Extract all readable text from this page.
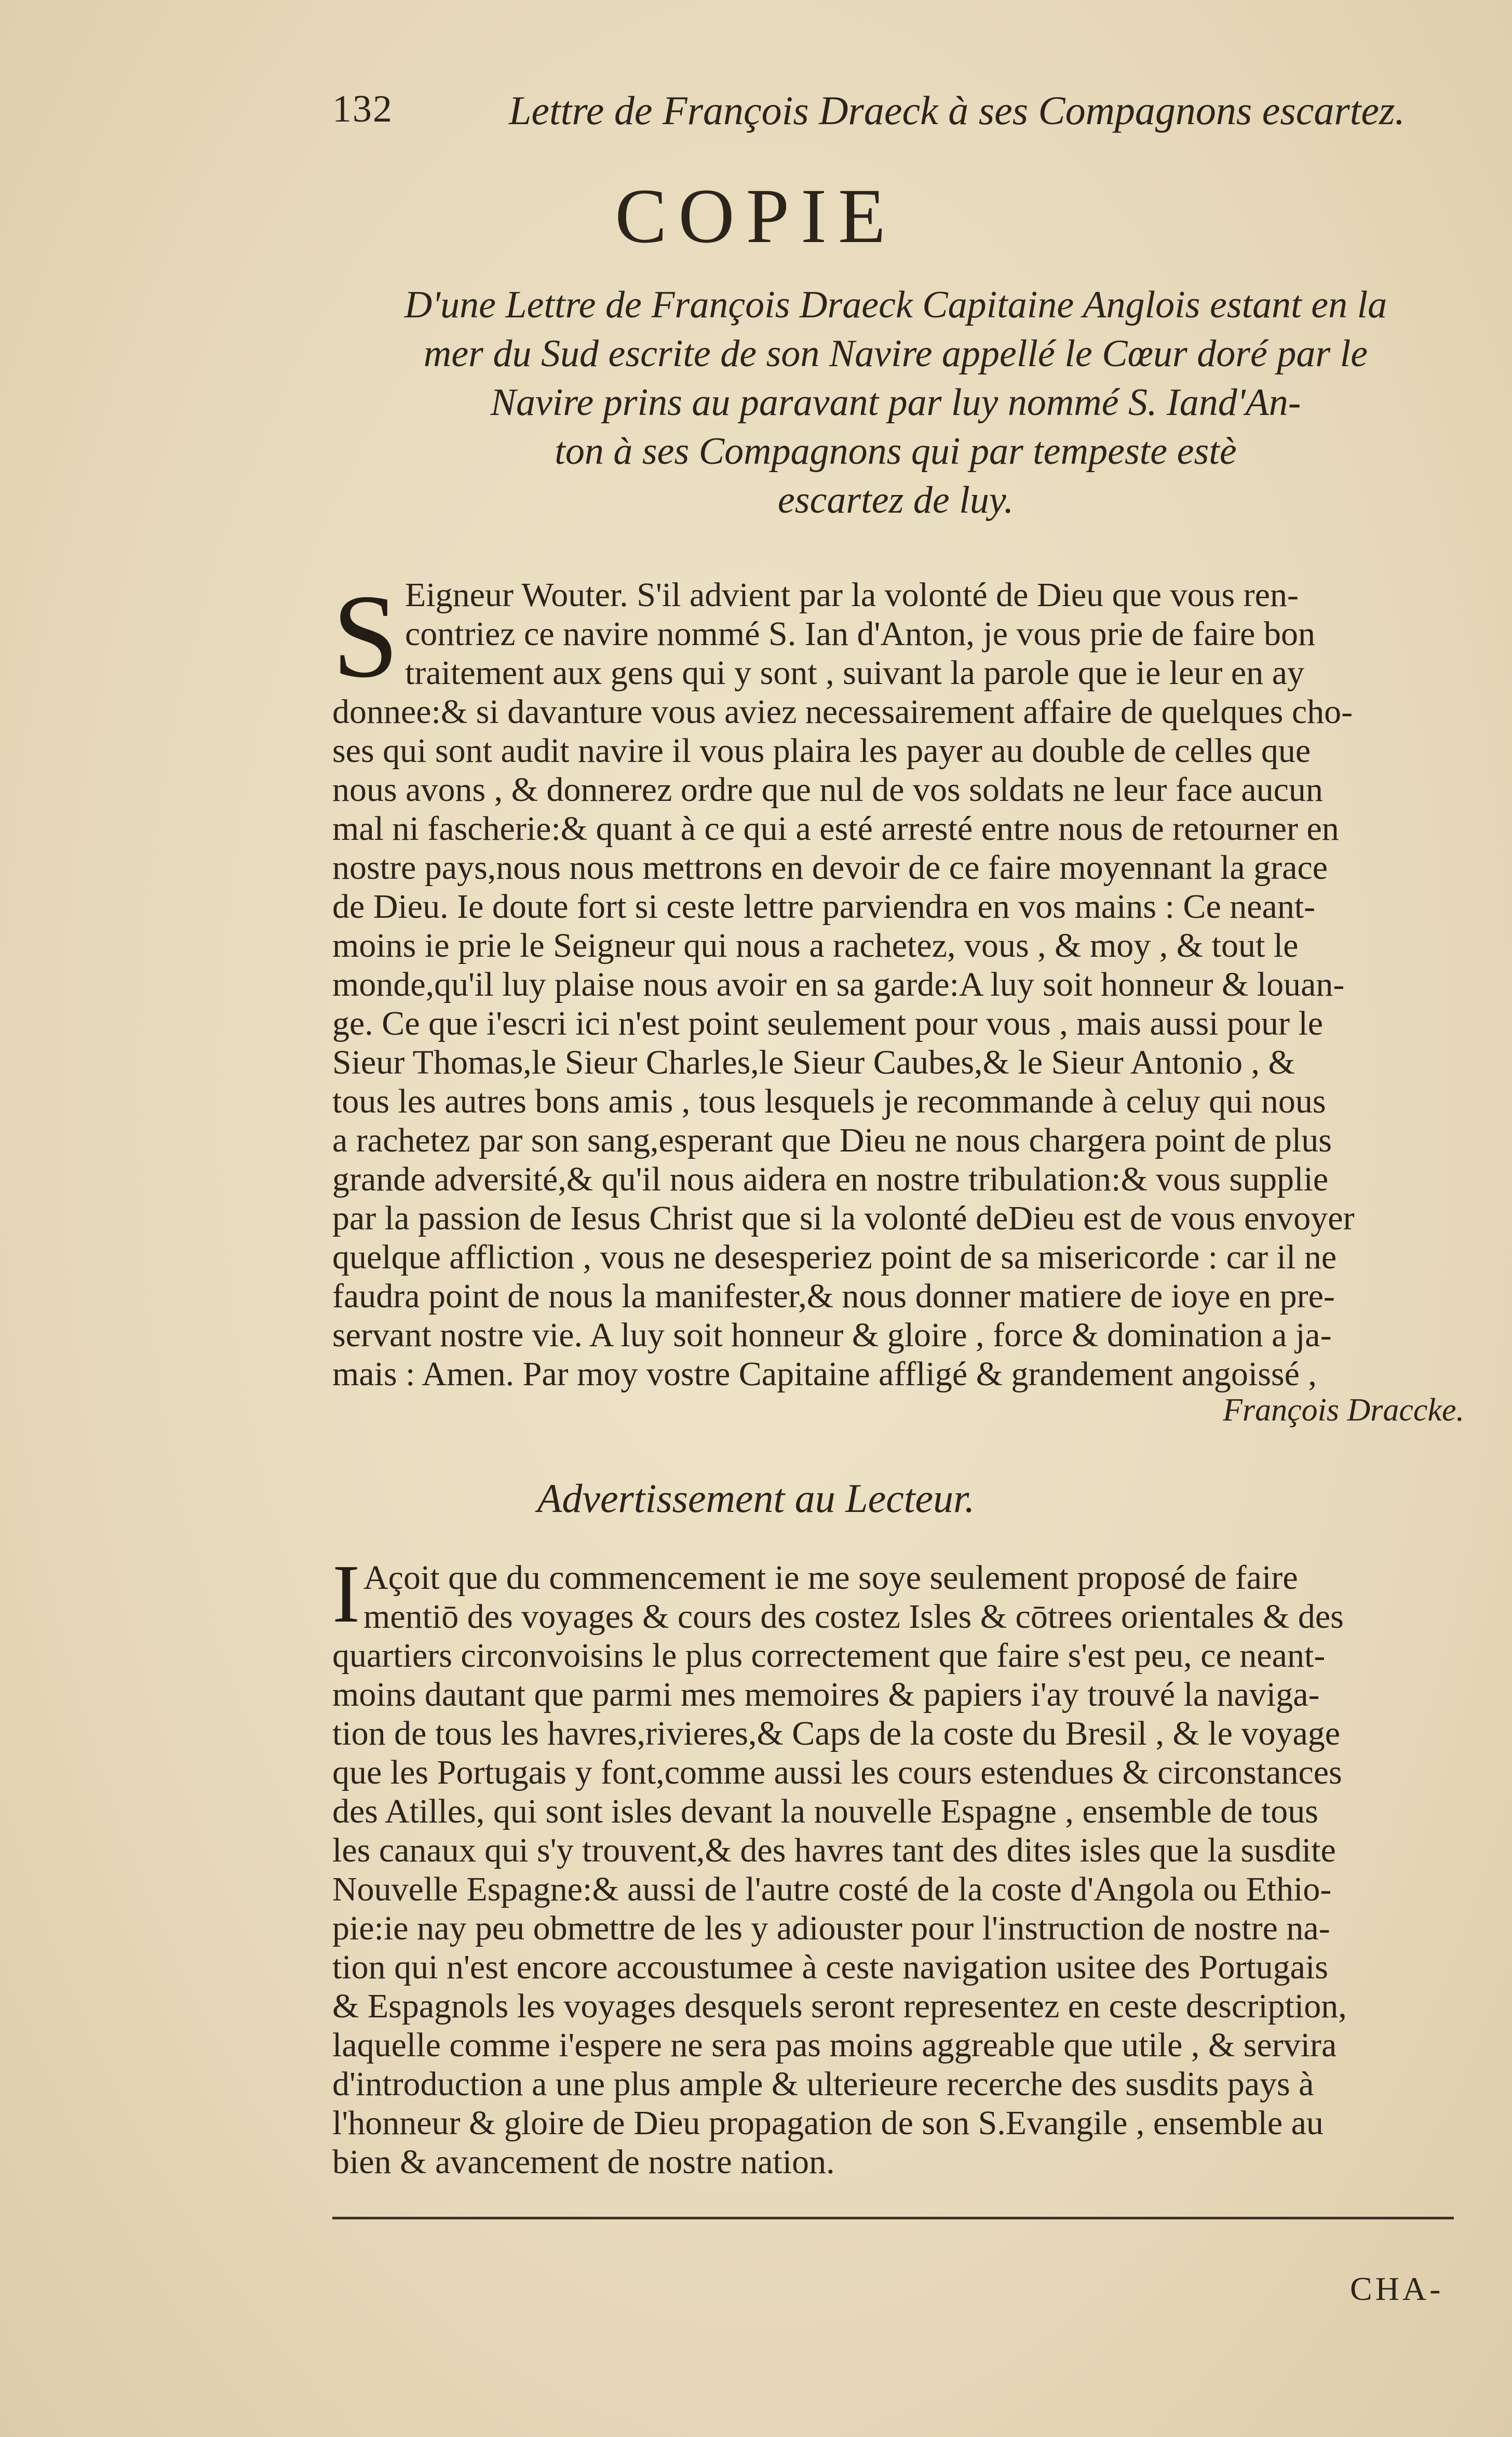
132	Lettre de François Draeck à ses Compagnons escartez.
COPIE
D'une Lettre de François Draeck Capitaine Anglois estant en la
mer du Sud escrite de son Navire appellé le Cœur doré par le
Navire prins au paravant par luy nommé S. Iand'An-
ton à ses Compagnons qui par tempeste estè
escartez de luy.
S Eigneur Wouter. S'il advient par la volonté de Dieu que vous ren-
contriez ce navire nommé S. Ian d'Anton, je vous prie de faire bon
traitement aux gens qui y sont , suivant la parole que ie leur en ay
donnee:& si davanture vous aviez necessairement affaire de quelques cho-
ses qui sont audit navire il vous plaira les payer au double de celles que
nous avons , & donnerez ordre que nul de vos soldats ne leur face aucun
mal ni fascherie:& quant à ce qui a esté arresté entre nous de retourner en
nostre pays,nous nous mettrons en devoir de ce faire moyennant la grace
de Dieu. Ie doute fort si ceste lettre parviendra en vos mains : Ce neant-
moins ie prie le Seigneur qui nous a rachetez, vous , & moy , & tout le
monde,qu'il luy plaise nous avoir en sa garde:A luy soit honneur & louan-
ge. Ce que i'escri ici n'est point seulement pour vous , mais aussi pour le
Sieur Thomas,le Sieur Charles,le Sieur Caubes,& le Sieur Antonio , &
tous les autres bons amis , tous lesquels je recommande à celuy qui nous
a rachetez par son sang,esperant que Dieu ne nous chargera point de plus
grande adversité,& qu'il nous aidera en nostre tribulation:& vous supplie
par la passion de Iesus Christ que si la volonté deDieu est de vous envoyer
quelque affliction , vous ne desesperiez point de sa misericorde : car il ne
faudra point de nous la manifester,& nous donner matiere de ioye en pre-
servant nostre vie. A luy soit honneur & gloire , force & domination a ja-
mais : Amen. Par moy vostre Capitaine affligé & grandement angoissé ,
François Draccke.
Advertissement au Lecteur.
I Açoit que du commencement ie me soye seulement proposé de faire
mentiō des voyages & cours des costez Isles & cōtrees orientales & des
quartiers circonvoisins le plus correctement que faire s'est peu, ce neant-
moins dautant que parmi mes memoires & papiers i'ay trouvé la naviga-
tion de tous les havres,rivieres,& Caps de la coste du Bresil , & le voyage
que les Portugais y font,comme aussi les cours estendues & circonstances
des Atilles, qui sont isles devant la nouvelle Espagne , ensemble de tous
les canaux qui s'y trouvent,& des havres tant des dites isles que la susdite
Nouvelle Espagne:& aussi de l'autre costé de la coste d'Angola ou Ethio-
pie:ie nay peu obmettre de les y adiouster pour l'instruction de nostre na-
tion qui n'est encore accoustumee à ceste navigation usitee des Portugais
& Espagnols les voyages desquels seront representez en ceste description,
laquelle comme i'espere ne sera pas moins aggreable que utile , & servira
d'introduction a une plus ample & ulterieure recerche des susdits pays à
l'honneur & gloire de Dieu propagation de son S.Evangile , ensemble au
bien & avancement de nostre nation.
CHA-
